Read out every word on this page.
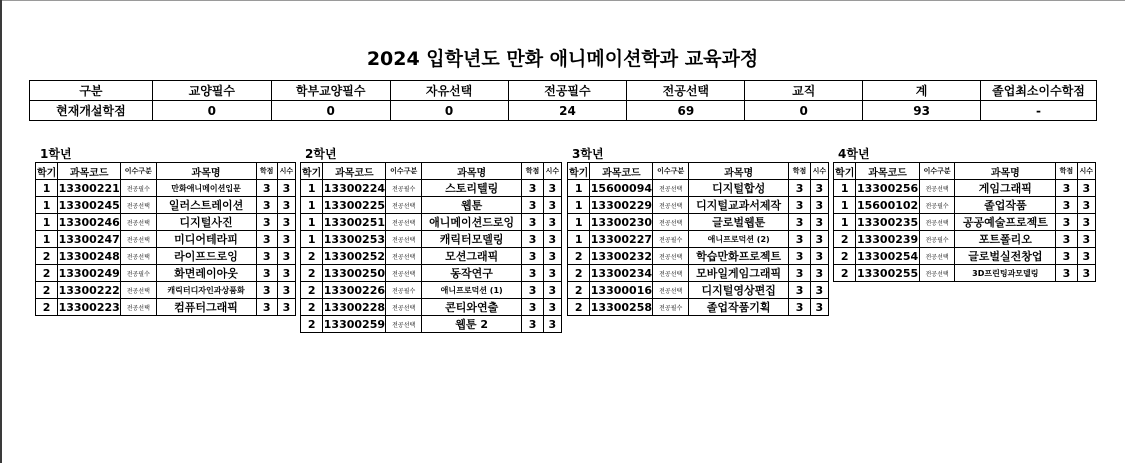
2024 입학년도 만화 애니메이션학과 교육과정
구분	교양필수	학부교양필수	자유선택	전공필수	전공선택	교직	계	졸업최소이수학점
현재개설학점	0	0	0	24	69	0	93	-
1학년
학기	과목코드	이수구분	과목명	학점	시수
1	13300221	전공필수	만화애니메이션입문	3	3
1	13300245	전공선택	일러스트레이션	3	3
1	13300246	전공선택	디지털사진	3	3
1	13300247	전공선택	미디어테라피	3	3
2	13300248	전공선택	라이프드로잉	3	3
2	13300249	전공필수	화면레이아웃	3	3
2	13300222	전공선택	캐릭터디자인과상품화	3	3
2	13300223	전공선택	컴퓨터그래픽	3	3
2학년
학기	과목코드	이수구분	과목명	학점	시수
1	13300224	전공필수	스토리텔링	3	3
1	13300225	전공선택	웹툰	3	3
1	13300251	전공선택	애니메이션드로잉	3	3
1	13300253	전공선택	캐릭터모델링	3	3
2	13300252	전공선택	모션그래픽	3	3
2	13300250	전공선택	동작연구	3	3
2	13300226	전공필수	애니프로덕션 (1)	3	3
2	13300228	전공선택	콘티와연출	3	3
2	13300259	전공선택	웹툰 2	3	3
3학년
학기	과목코드	이수구분	과목명	학점	시수
1	15600094	전공선택	디지털합성	3	3
1	13300229	전공선택	디지털교과서제작	3	3
1	13300230	전공선택	글로벌웹툰	3	3
1	13300227	전공필수	애니프로덕션 (2)	3	3
2	13300232	전공선택	학습만화프로젝트	3	3
2	13300234	전공선택	모바일게임그래픽	3	3
2	13300016	전공선택	디지털영상편집	3	3
2	13300258	전공필수	졸업작품기획	3	3
4학년
학기	과목코드	이수구분	과목명	학점	시수
1	13300256	전공선택	게임그래픽	3	3
1	15600102	전공필수	졸업작품	3	3
1	13300235	전공선택	공공예술프로젝트	3	3
2	13300239	전공필수	포트폴리오	3	3
2	13300254	전공선택	글로벌실전창업	3	3
2	13300255	전공선택	3D프린팅과모델링	3	3
